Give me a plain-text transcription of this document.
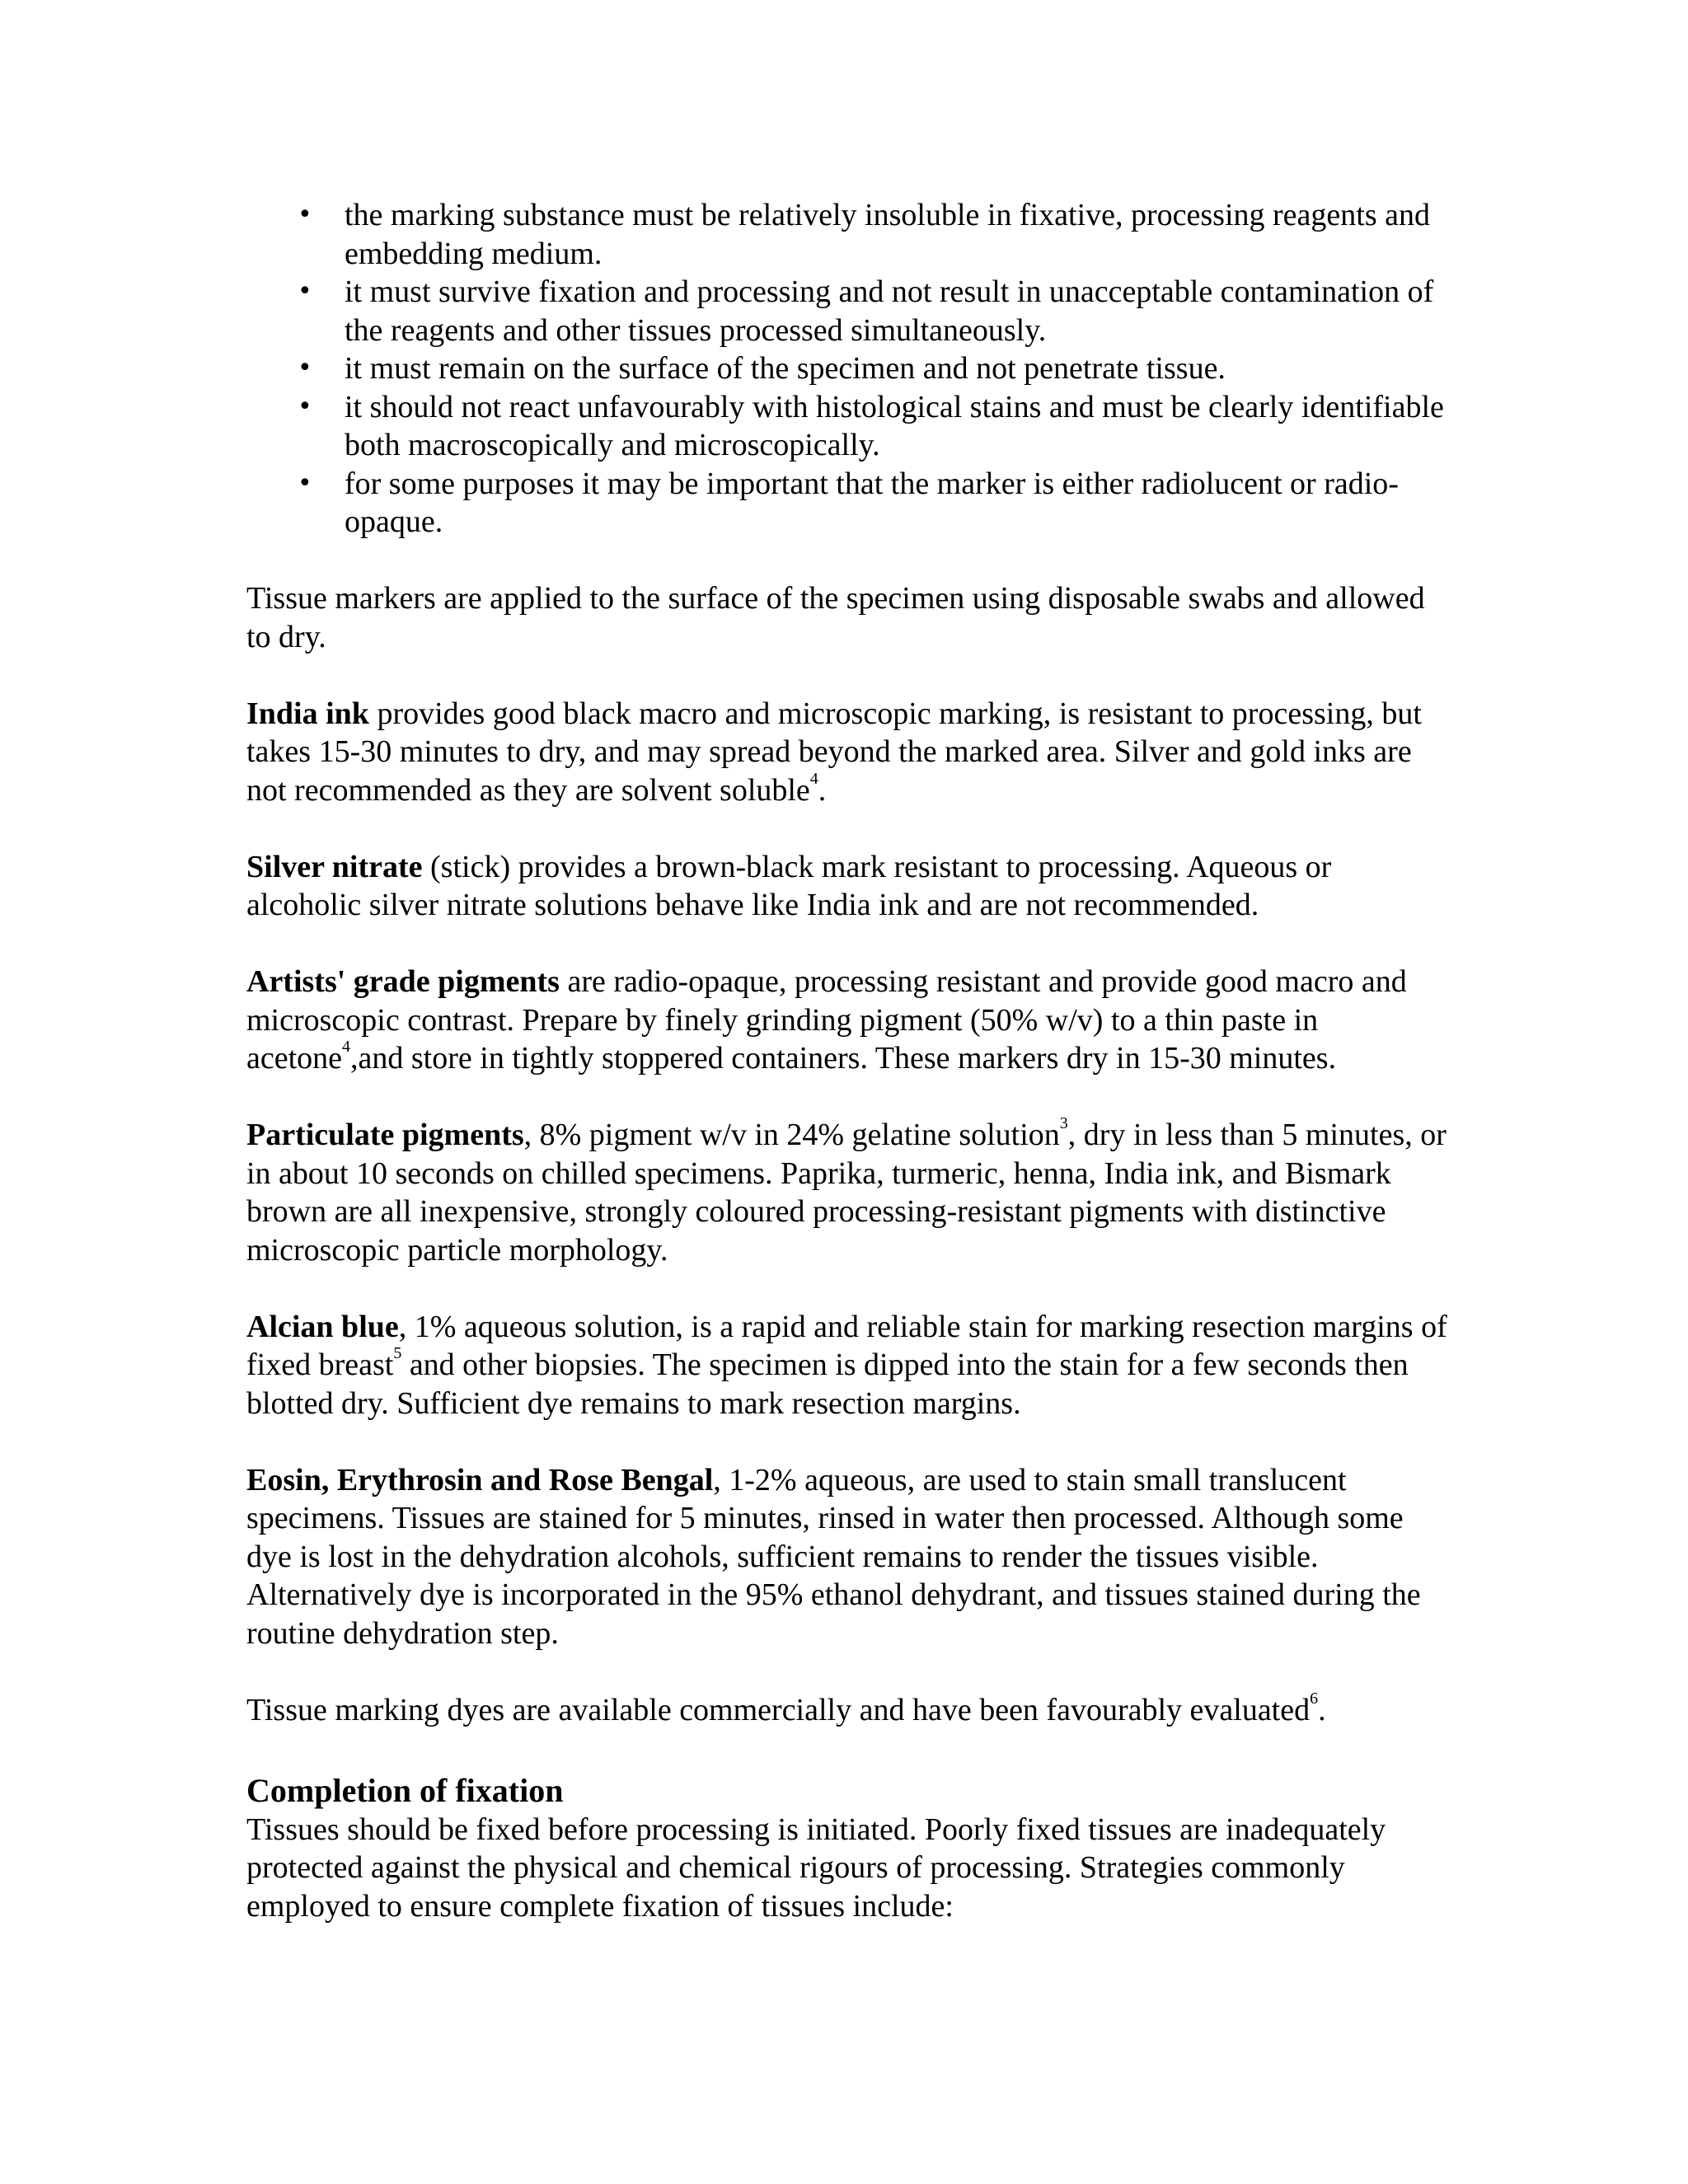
• the marking substance must be relatively insoluble in fixative, processing reagents and embedding medium.
• it must survive fixation and processing and not result in unacceptable contamination of the reagents and other tissues processed simultaneously.
• it must remain on the surface of the specimen and not penetrate tissue.
• it should not react unfavourably with histological stains and must be clearly identifiable both macroscopically and microscopically.
• for some purposes it may be important that the marker is either radiolucent or radio-opaque.

Tissue markers are applied to the surface of the specimen using disposable swabs and allowed to dry.

India ink provides good black macro and microscopic marking, is resistant to processing, but takes 15-30 minutes to dry, and may spread beyond the marked area. Silver and gold inks are not recommended as they are solvent soluble$^4$.

Silver nitrate (stick) provides a brown-black mark resistant to processing. Aqueous or alcoholic silver nitrate solutions behave like India ink and are not recommended.

Artists' grade pigments are radio-opaque, processing resistant and provide good macro and microscopic contrast. Prepare by finely grinding pigment (50% w/v) to a thin paste in acetone$^4$,and store in tightly stoppered containers. These markers dry in 15-30 minutes.

Particulate pigments, 8% pigment w/v in 24% gelatine solution$^3$, dry in less than 5 minutes, or in about 10 seconds on chilled specimens. Paprika, turmeric, henna, India ink, and Bismark brown are all inexpensive, strongly coloured processing-resistant pigments with distinctive microscopic particle morphology.

Alcian blue, 1% aqueous solution, is a rapid and reliable stain for marking resection margins of fixed breast$^5$ and other biopsies. The specimen is dipped into the stain for a few seconds then blotted dry. Sufficient dye remains to mark resection margins.

Eosin, Erythrosin and Rose Bengal, 1-2% aqueous, are used to stain small translucent specimens. Tissues are stained for 5 minutes, rinsed in water then processed. Although some dye is lost in the dehydration alcohols, sufficient remains to render the tissues visible. Alternatively dye is incorporated in the 95% ethanol dehydrant, and tissues stained during the routine dehydration step.

Tissue marking dyes are available commercially and have been favourably evaluated$^6$.

Completion of fixation

Tissues should be fixed before processing is initiated. Poorly fixed tissues are inadequately protected against the physical and chemical rigours of processing. Strategies commonly employed to ensure complete fixation of tissues include:
